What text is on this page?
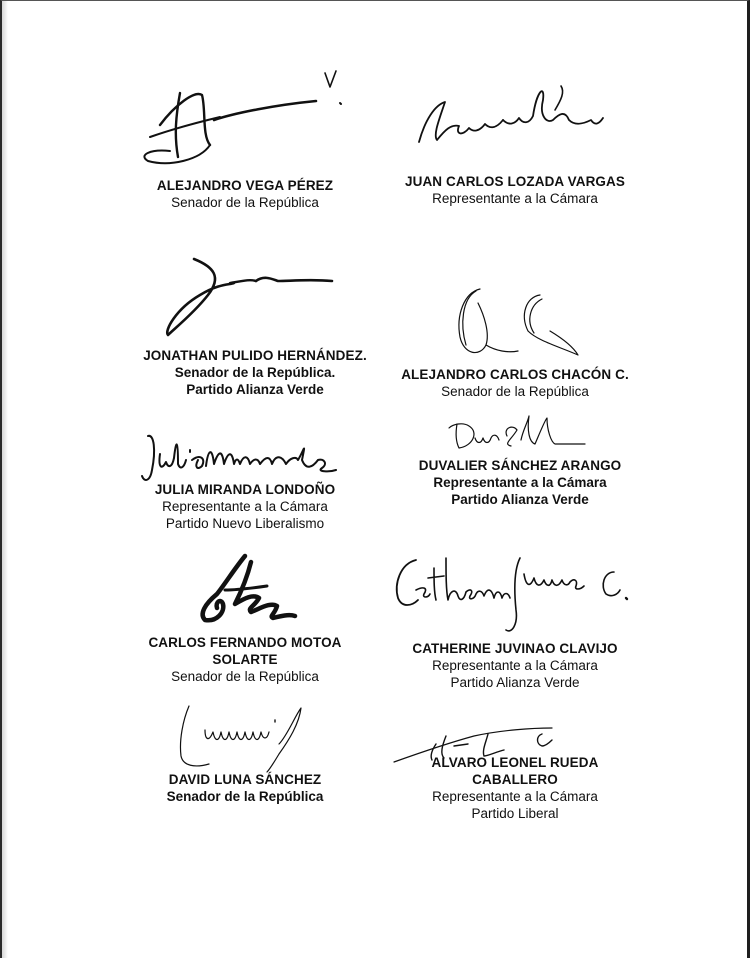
ALEJANDRO VEGA PÉREZ
Senador de la República
JUAN CARLOS LOZADA VARGAS
Representante a la Cámara
JONATHAN PULIDO HERNÁNDEZ.
Senador de la República.
Partido Alianza Verde
ALEJANDRO CARLOS CHACÓN C.
Senador de la República
JULIA MIRANDA LONDOÑO
Representante a la Cámara
Partido Nuevo Liberalismo
DUVALIER SÁNCHEZ ARANGO
Representante a la Cámara
Partido Alianza Verde
CARLOS FERNANDO MOTOA
SOLARTE
Senador de la República
CATHERINE JUVINAO CLAVIJO
Representante a la Cámara
Partido Alianza Verde
DAVID LUNA SÁNCHEZ
Senador de la República
ALVARO LEONEL RUEDA
CABALLERO
Representante a la Cámara
Partido Liberal
